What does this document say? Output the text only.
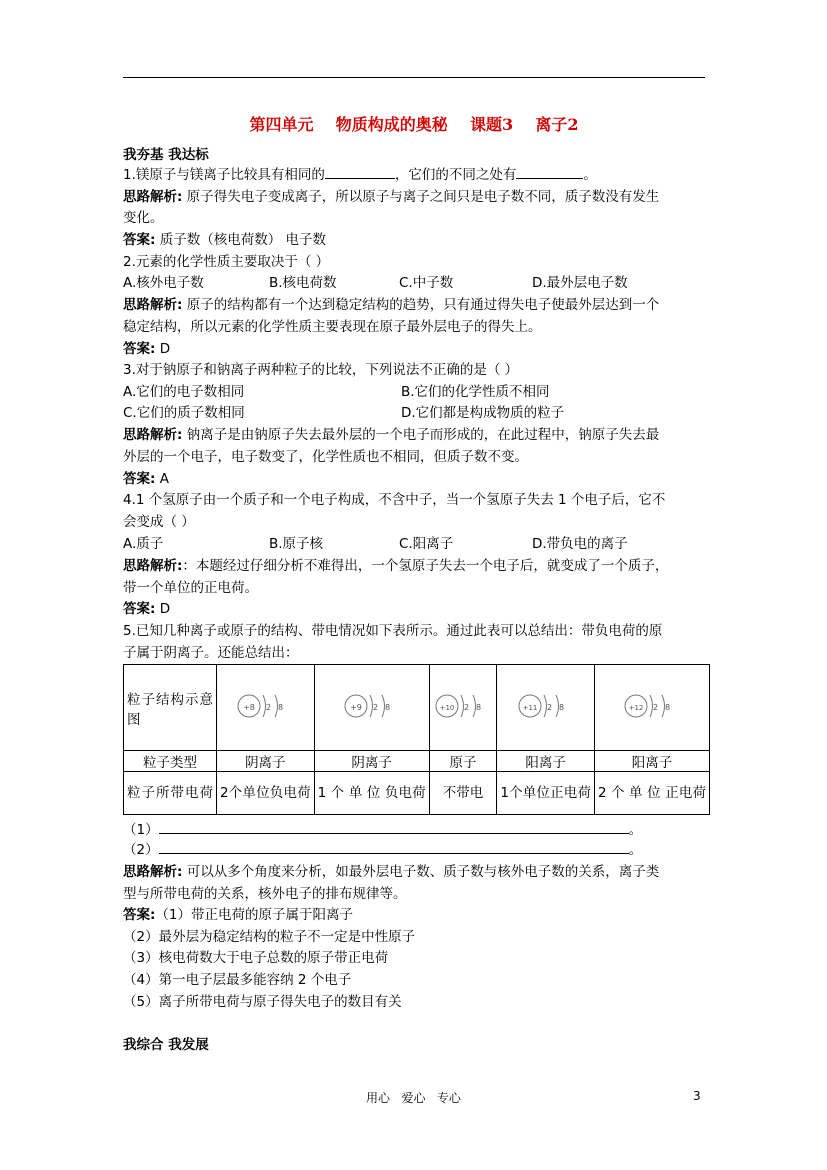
第四单元    物质构成的奥秘    课题3    离子2
我夯基 我达标
1.镁原子与镁离子比较具有相同的	，它们的不同之处有	。
思路解析: 原子得失电子变成离子，所以原子与离子之间只是电子数不同，质子数没有发生
变化。
答案: 质子数（核电荷数） 电子数
2.元素的化学性质主要取决于（ ）
A.核外电子数	B.核电荷数	C.中子数	D.最外层电子数
思路解析: 原子的结构都有一个达到稳定结构的趋势，只有通过得失电子使最外层达到一个
稳定结构，所以元素的化学性质主要表现在原子最外层电子的得失上。
答案: D
3.对于钠原子和钠离子两种粒子的比较，下列说法不正确的是（ ）
A.它们的电子数相同	B.它们的化学性质不相同
C.它们的质子数相同	D.它们都是构成物质的粒子
思路解析: 钠离子是由钠原子失去最外层的一个电子而形成的，在此过程中，钠原子失去最
外层的一个电子，电子数变了，化学性质也不相同，但质子数不变。
答案: A
4.1 个氢原子由一个质子和一个电子构成，不含中子，当一个氢原子失去 1 个电子后，它不
会变成（ ）
A.质子	B.原子核	C.阳离子	D.带负电的离子
思路解析:：本题经过仔细分析不难得出，一个氢原子失去一个电子后，就变成了一个质子，
带一个单位的正电荷。
答案: D
5.已知几种离子或原子的结构、带电情况如下表所示。通过此表可以总结出：带负电荷的原
子属于阴离子。还能总结出：
粒子结构示意图	+8 2 8	+9 2 8	+10 2 8	+11 2 8	+12 2 8

粒子类型	阴离子	阴离子	原子	阳离子	阳离子
粒子所带电荷	2个单位负电荷	1 个 单 位 负电荷	不带电	1个单位正电荷	2 个 单 位 正电荷
（1）	。
（2）	。
思路解析: 可以从多个角度来分析，如最外层电子数、质子数与核外电子数的关系，离子类
型与所带电荷的关系，核外电子的排布规律等。
答案:（1）带正电荷的原子属于阳离子
（2）最外层为稳定结构的粒子不一定是中性原子
（3）核电荷数大于电子总数的原子带正电荷
（4）第一电子层最多能容纳 2 个电子
（5）离子所带电荷与原子得失电子的数目有关
我综合 我发展
用心   爱心   专心	3
